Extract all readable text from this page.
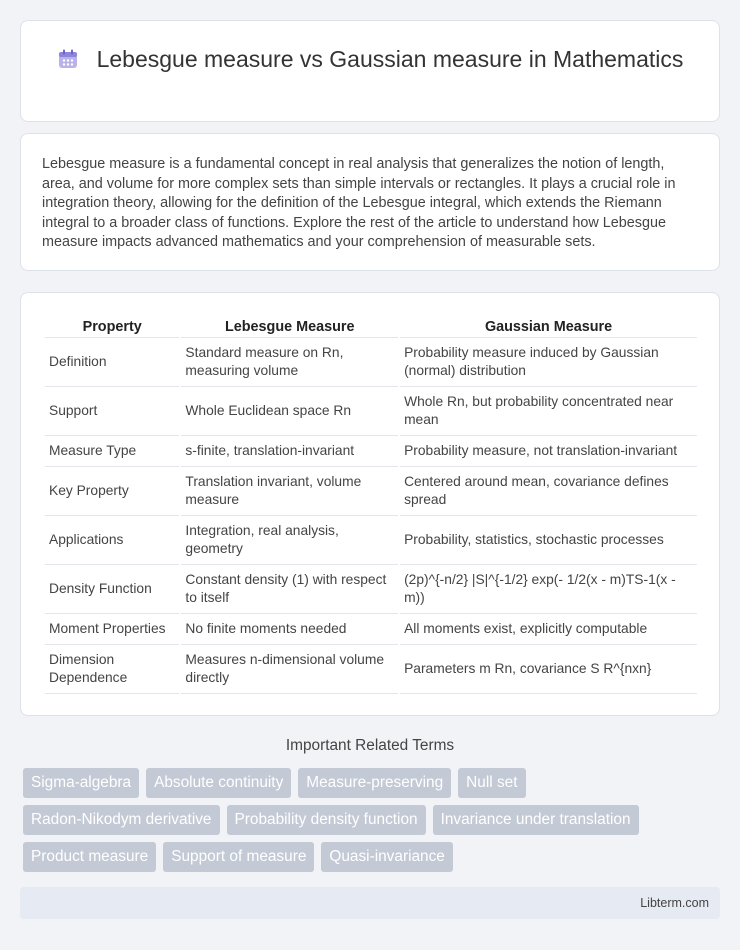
Lebesgue measure vs Gaussian measure in Mathematics

Lebesgue measure is a fundamental concept in real analysis that generalizes the notion of length, area, and volume for more complex sets than simple intervals or rectangles. It plays a crucial role in integration theory, allowing for the definition of the Lebesgue integral, which extends the Riemann integral to a broader class of functions. Explore the rest of the article to understand how Lebesgue measure impacts advanced mathematics and your comprehension of measurable sets.

Property	Lebesgue Measure	Gaussian Measure
Definition	Standard measure on Rn, measuring volume	Probability measure induced by Gaussian (normal) distribution
Support	Whole Euclidean space Rn	Whole Rn, but probability concentrated near mean
Measure Type	s-finite, translation-invariant	Probability measure, not translation-invariant
Key Property	Translation invariant, volume measure	Centered around mean, covariance defines spread
Applications	Integration, real analysis, geometry	Probability, statistics, stochastic processes
Density Function	Constant density (1) with respect to itself	(2p)^{-n/2} |S|^{-1/2} exp(- 1/2(x - m)TS-1(x - m))
Moment Properties	No finite moments needed	All moments exist, explicitly computable
Dimension Dependence	Measures n-dimensional volume directly	Parameters m Rn, covariance S R^{nxn}
Important Related Terms
Sigma-algebra	Absolute continuity	Measure-preserving	Null set
Radon-Nikodym derivative	Probability density function	Invariance under translation
Product measure	Support of measure	Quasi-invariance
Libterm.com
